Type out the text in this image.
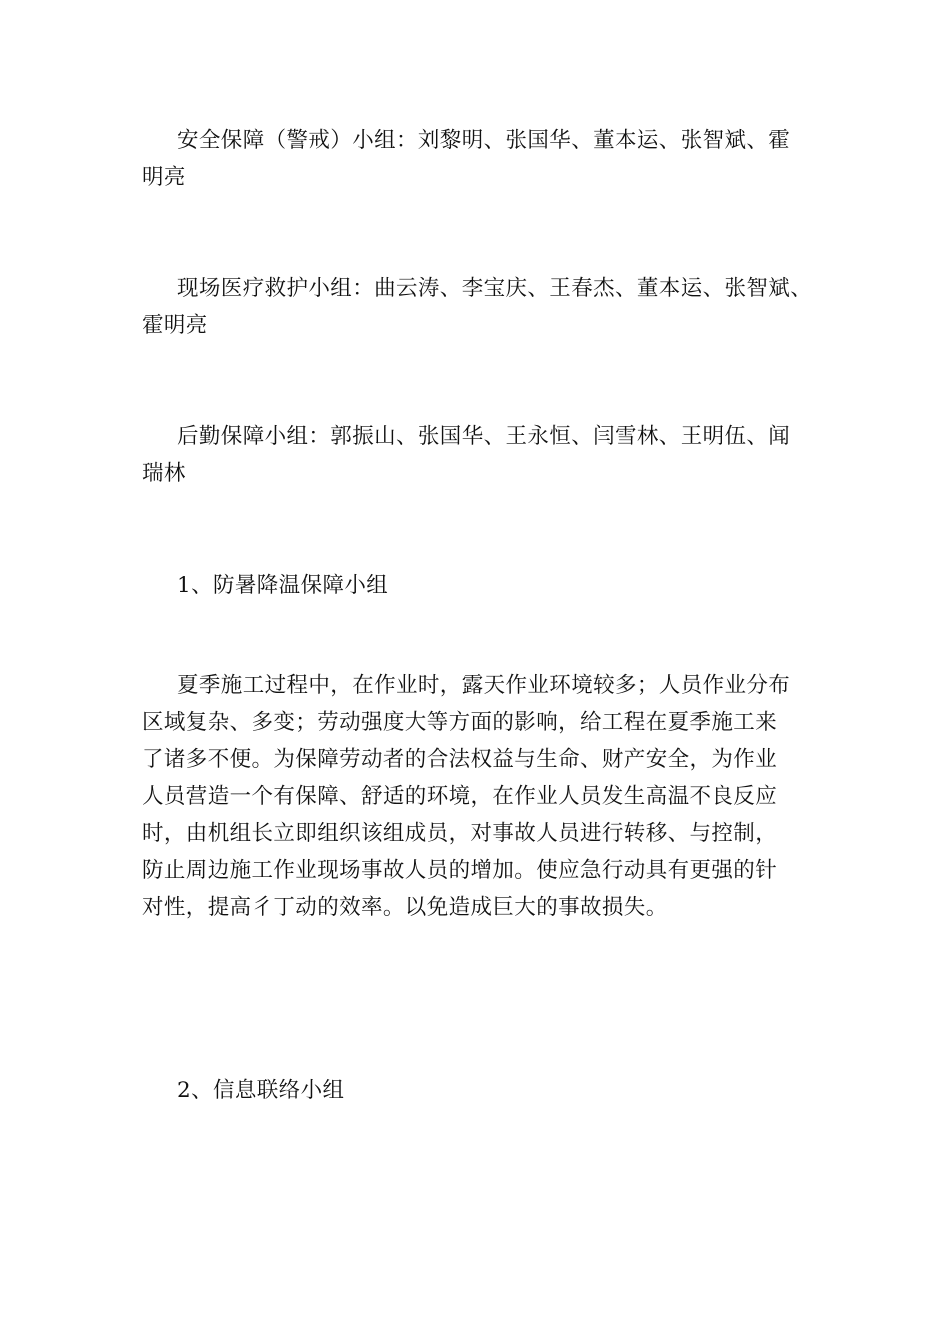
安全保障（警戒）小组：刘黎明、张国华、董本运、张智斌、霍
明亮

现场医疗救护小组：曲云涛、李宝庆、王春杰、董本运、张智斌、
霍明亮

后勤保障小组：郭振山、张国华、王永恒、闫雪林、王明伍、闻
瑞林

1、防暑降温保障小组

夏季施工过程中，在作业时，露天作业环境较多；人员作业分布
区域复杂、多变；劳动强度大等方面的影响，给工程在夏季施工来
了诸多不便。为保障劳动者的合法权益与生命、财产安全，为作业
人员营造一个有保障、舒适的环境，在作业人员发生高温不良反应
时，由机组长立即组织该组成员，对事故人员进行转移、与控制，
防止周边施工作业现场事故人员的增加。使应急行动具有更强的针
对性，提高彳丁动的效率。以免造成巨大的事故损失。

2、信息联络小组
